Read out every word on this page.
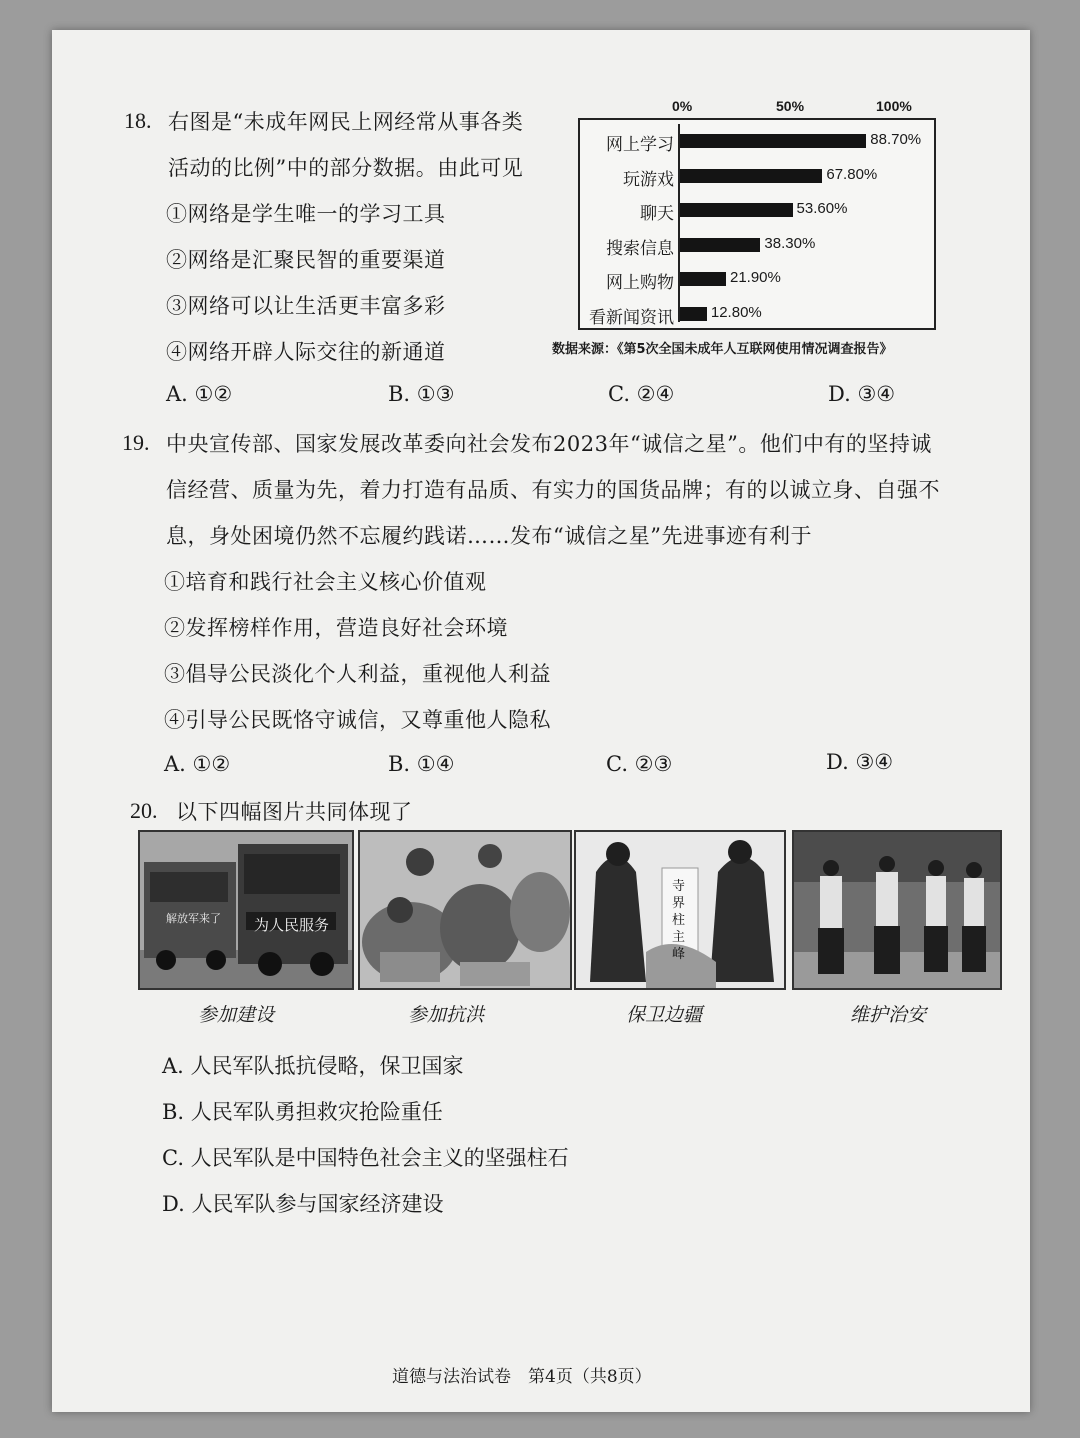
18. 右图是“未成年网民上网经常从事各类
活动的比例”中的部分数据。由此可见
①网络是学生唯一的学习工具
②网络是汇聚民智的重要渠道
③网络可以让生活更丰富多彩
④网络开辟人际交往的新通道
0%	50%	100%
网上学习	88.70%
玩游戏	67.80%
聊天	53.60%
搜索信息	38.30%
网上购物	21.90%
看新闻资讯 12.80%
数据来源：《第5次全国未成年人互联网使用情况调查报告》
A. ①②	B. ①③	C. ②④	D. ③④
19. 中央宣传部、国家发展改革委向社会发布2023年“诚信之星”。他们中有的坚持诚
信经营、质量为先，着力打造有品质、有实力的国货品牌；有的以诚立身、自强不
息，身处困境仍然不忘履约践诺……发布“诚信之星”先进事迹有利于
①培育和践行社会主义核心价值观
②发挥榜样作用，营造良好社会环境
③倡导公民淡化个人利益，重视他人利益
④引导公民既恪守诚信，又尊重他人隐私
A. ①②	B. ①④	C. ②③	D. ③④
20. 以下四幅图片共同体现了
解放军来了 为人民服务
寺界柱主峰
参加建设	参加抗洪	保卫边疆	维护治安
A. 人民军队抵抗侵略，保卫国家
B. 人民军队勇担救灾抢险重任
C. 人民军队是中国特色社会主义的坚强柱石
D. 人民军队参与国家经济建设
道德与法治试卷　第4页（共8页）
